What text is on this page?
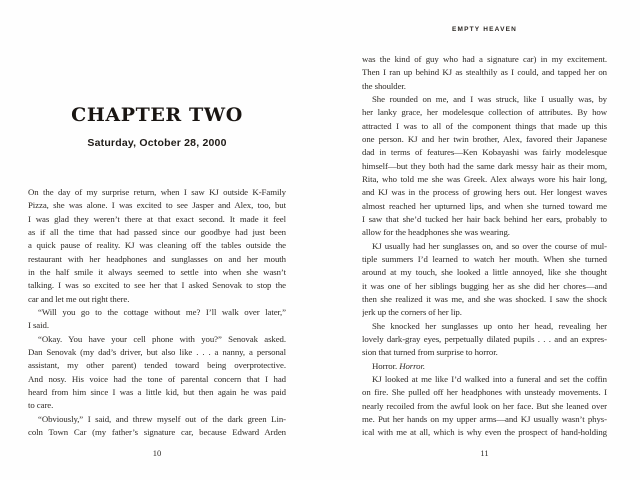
CHAPTER TWO
Saturday, October 28, 2000
On the day of my surprise return, when I saw KJ outside K-Family
Pizza, she was alone. I was excited to see Jasper and Alex, too, but
I was glad they weren’t there at that exact second. It made it feel
as if all the time that had passed since our goodbye had just been
a quick pause of reality. KJ was cleaning off the tables outside the
restaurant with her headphones and sunglasses on and her mouth
in the half smile it always seemed to settle into when she wasn’t
talking. I was so excited to see her that I asked Senovak to stop the
car and let me out right there.
“Will you go to the cottage without me? I’ll walk over later,”
I said.
“Okay. You have your cell phone with you?” Senovak asked.
Dan Senovak (my dad’s driver, but also like . . . a nanny, a personal
assistant, my other parent) tended toward being overprotective.
And nosy. His voice had the tone of parental concern that I had
heard from him since I was a little kid, but then again he was paid
to care.
“Obviously,” I said, and threw myself out of the dark green Lin-
coln Town Car (my father’s signature car, because Edward Arden
10
EMPTY HEAVEN
was the kind of guy who had a signature car) in my excitement.
Then I ran up behind KJ as stealthily as I could, and tapped her on
the shoulder.
She rounded on me, and I was struck, like I usually was, by
her lanky grace, her modelesque collection of attributes. By how
attracted I was to all of the component things that made up this
one person. KJ and her twin brother, Alex, favored their Japanese
dad in terms of features—Ken Kobayashi was fairly modelesque
himself—but they both had the same dark messy hair as their mom,
Rita, who told me she was Greek. Alex always wore his hair long,
and KJ was in the process of growing hers out. Her longest waves
almost reached her upturned lips, and when she turned toward me
I saw that she’d tucked her hair back behind her ears, probably to
allow for the headphones she was wearing.
KJ usually had her sunglasses on, and so over the course of mul-
tiple summers I’d learned to watch her mouth. When she turned
around at my touch, she looked a little annoyed, like she thought
it was one of her siblings bugging her as she did her chores—and
then she realized it was me, and she was shocked. I saw the shock
jerk up the corners of her lip.
She knocked her sunglasses up onto her head, revealing her
lovely dark-gray eyes, perpetually dilated pupils . . . and an expres-
sion that turned from surprise to horror.
Horror. Horror.
KJ looked at me like I’d walked into a funeral and set the coffin
on fire. She pulled off her headphones with unsteady movements. I
nearly recoiled from the awful look on her face. But she leaned over
me. Put her hands on my upper arms—and KJ usually wasn’t phys-
ical with me at all, which is why even the prospect of hand-holding
11
